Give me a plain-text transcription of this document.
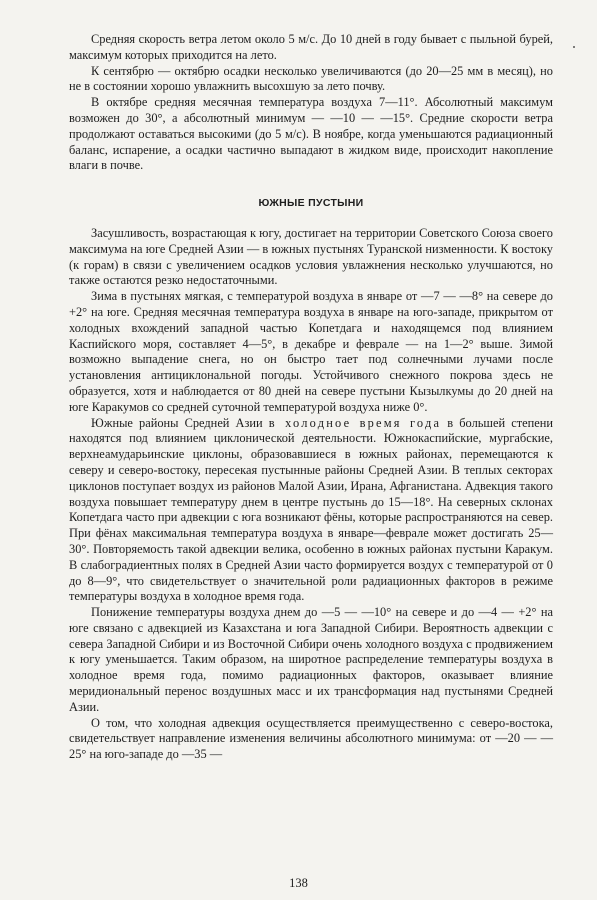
Средняя скорость ветра летом около 5 м/с. До 10 дней в году бывает с пыльной бурей, максимум которых приходится на лето.

К сентябрю — октябрю осадки несколько увеличиваются (до 20—25 мм в месяц), но не в состоянии хорошо увлажнить высохшую за лето почву.

В октябре средняя месячная температура воздуха 7—11°. Абсолютный максимум возможен до 30°, а абсолютный минимум — —10 — —15°. Средние скорости ветра продолжают оставаться высокими (до 5 м/с). В ноябре, когда уменьшаются радиационный баланс, испарение, а осадки частично выпадают в жидком виде, происходит накопление влаги в почве.

ЮЖНЫЕ ПУСТЫНИ

Засушливость, возрастающая к югу, достигает на территории Советского Союза своего максимума на юге Средней Азии — в южных пустынях Туранской низменности. К востоку (к горам) в связи с увеличением осадков условия увлажнения несколько улучшаются, но также остаются резко недостаточными.

Зима в пустынях мягкая, с температурой воздуха в январе от —7 — —8° на севере до +2° на юге. Средняя месячная температура воздуха в январе на юго-западе, прикрытом от холодных вхождений западной частью Копетдага и находящемся под влиянием Каспийского моря, составляет 4—5°, в декабре и феврале — на 1—2° выше. Зимой возможно выпадение снега, но он быстро тает под солнечными лучами после установления антициклональной погоды. Устойчивого снежного покрова здесь не образуется, хотя и наблюдается от 80 дней на севере пустыни Кызылкумы до 20 дней на юге Каракумов со средней суточной температурой воздуха ниже 0°.

Южные районы Средней Азии в холодное время года в большей степени находятся под влиянием циклонической деятельности. Южнокаспийские, мургабские, верхнеамударьинские циклоны, образовавшиеся в южных районах, перемещаются к северу и северо-востоку, пересекая пустынные районы Средней Азии. В теплых секторах циклонов поступает воздух из районов Малой Азии, Ирана, Афганистана. Адвекция такого воздуха повышает температуру днем в центре пустынь до 15—18°. На северных склонах Копетдага часто при адвекции с юга возникают фёны, которые распространяются на север. При фёнах максимальная температура воздуха в январе—феврале может достигать 25—30°. Повторяемость такой адвекции велика, особенно в южных районах пустыни Каракум. В слабоградиентных полях в Средней Азии часто формируется воздух с температурой от 0 до 8—9°, что свидетельствует о значительной роли радиационных факторов в режиме температуры воздуха в холодное время года.

Понижение температуры воздуха днем до —5 — —10° на севере и до —4 — +2° на юге связано с адвекцией из Казахстана и юга Западной Сибири. Вероятность адвекции с севера Западной Сибири и из Восточной Сибири очень холодного воздуха с продвижением к югу уменьшается. Таким образом, на широтное распределение температуры воздуха в холодное время года, помимо радиационных факторов, оказывает влияние меридиональный перенос воздушных масс и их трансформация над пустынями Средней Азии.

О том, что холодная адвекция осуществляется преимущественно с северо-востока, свидетельствует направление изменения величины абсолютного минимума: от —20 — —25° на юго-западе до —35 —

138
